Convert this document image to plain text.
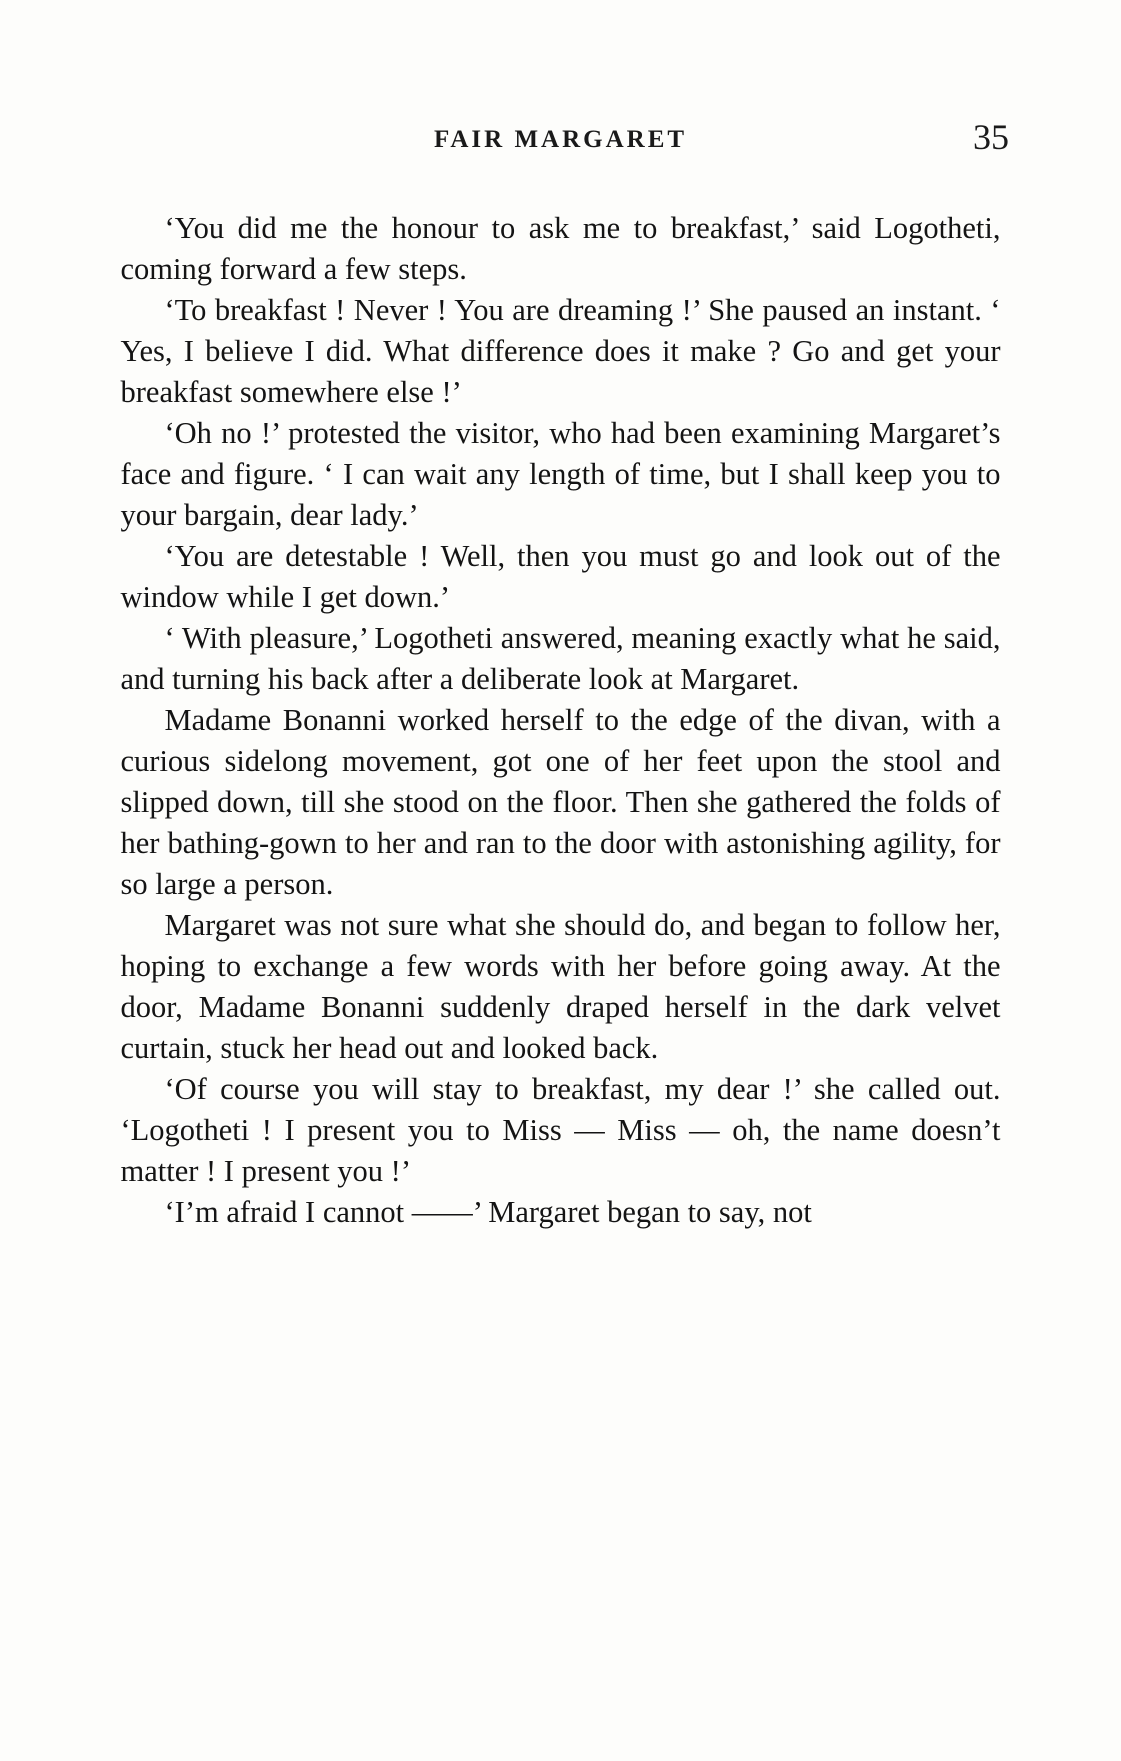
FAIR MARGARET	35

‘You did me the honour to ask me to breakfast,’ said Logotheti, coming forward a few steps.

‘To breakfast ! Never ! You are dreaming !’ She paused an instant. ‘ Yes, I believe I did. What difference does it make ? Go and get your breakfast somewhere else !’

‘Oh no !’ protested the visitor, who had been examining Margaret’s face and figure. ‘ I can wait any length of time, but I shall keep you to your bargain, dear lady.’

‘You are detestable ! Well, then you must go and look out of the window while I get down.’

‘ With pleasure,’ Logotheti answered, meaning exactly what he said, and turning his back after a deliberate look at Margaret.

Madame Bonanni worked herself to the edge of the divan, with a curious sidelong movement, got one of her feet upon the stool and slipped down, till she stood on the floor. Then she gathered the folds of her bathing-gown to her and ran to the door with astonishing agility, for so large a person.

Margaret was not sure what she should do, and began to follow her, hoping to exchange a few words with her before going away. At the door, Madame Bonanni suddenly draped herself in the dark velvet curtain, stuck her head out and looked back.

‘Of course you will stay to breakfast, my dear !’ she called out. ‘Logotheti ! I present you to Miss — Miss — oh, the name doesn’t matter ! I present you !’

‘I’m afraid I cannot ——’ Margaret began to say, not
